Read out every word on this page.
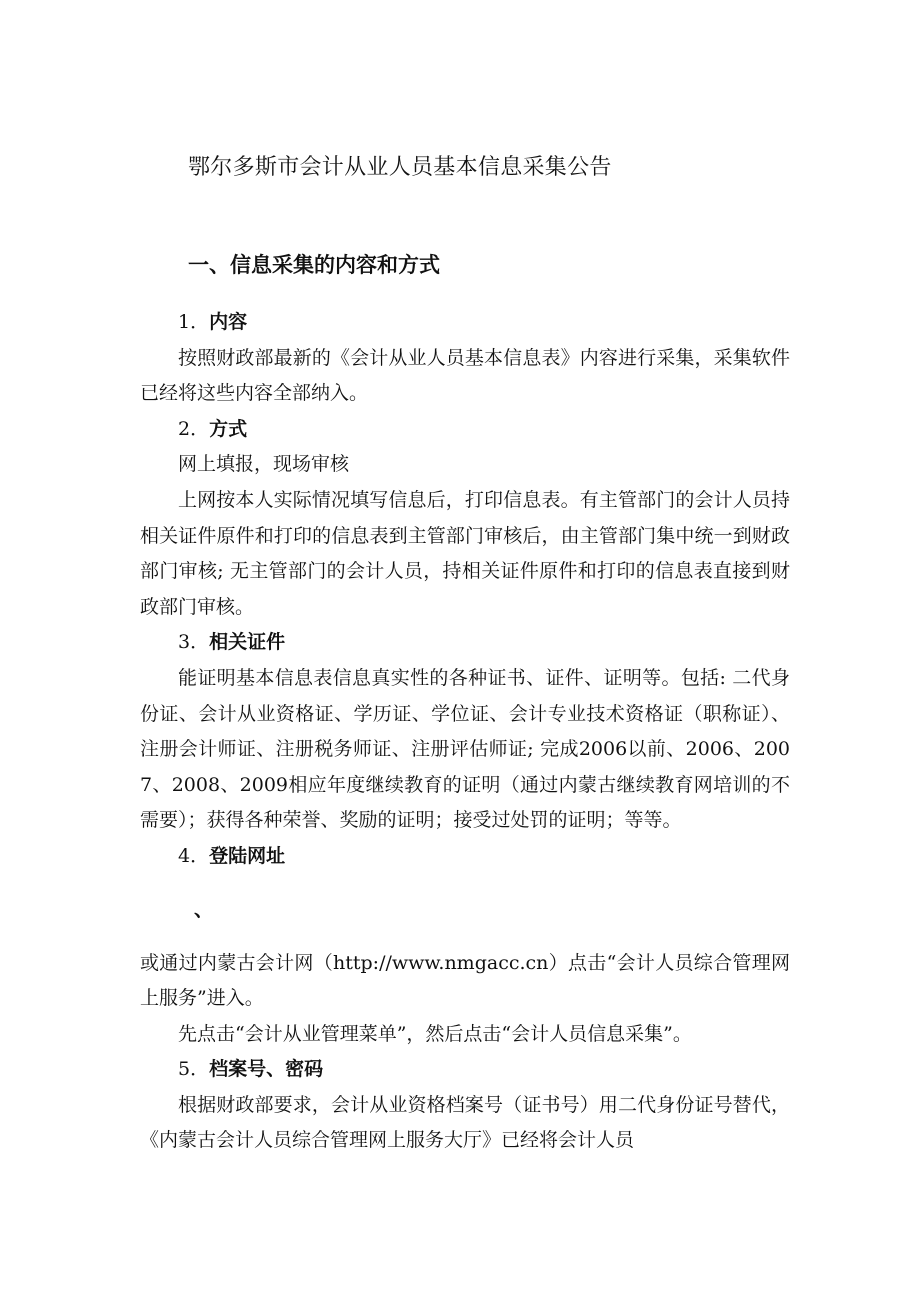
鄂尔多斯市会计从业人员基本信息采集公告
一、信息采集的内容和方式

1．内容

按照财政部最新的《会计从业人员基本信息表》内容进行采集，采集软件已经将这些内容全部纳入。

2．方式

网上填报，现场审核

上网按本人实际情况填写信息后，打印信息表。有主管部门的会计人员持相关证件原件和打印的信息表到主管部门审核后，由主管部门集中统一到财政部门审核; 无主管部门的会计人员，持相关证件原件和打印的信息表直接到财政部门审核。

3．相关证件

能证明基本信息表信息真实性的各种证书、证件、证明等。包括: 二代身份证、会计从业资格证、学历证、学位证、会计专业技术资格证（职称证）、注册会计师证、注册税务师证、注册评估师证; 完成2006以前、2006、2007、2008、2009相应年度继续教育的证明（通过内蒙古继续教育网培训的不需要）；获得各种荣誉、奖励的证明；接受过处罚的证明；等等。

4．登陆网址

、

或通过内蒙古会计网（http://www.nmgacc.cn）点击“会计人员综合管理网上服务”进入。

先点击“会计从业管理菜单”，然后点击“会计人员信息采集”。

5．档案号、密码

根据财政部要求，会计从业资格档案号（证书号）用二代身份证号替代，《内蒙古会计人员综合管理网上服务大厅》已经将会计人员
